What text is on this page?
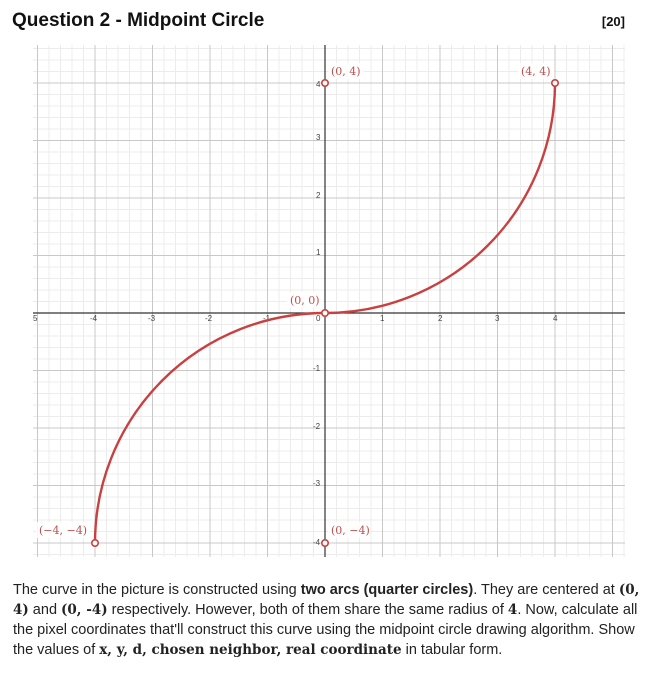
Question 2 - Midpoint Circle	[20]
5	-4	-3	-2	-1	0	1	2	3	4
4
3
2
1
-1
-2
-3
-4
(0, 4)	(4, 4)
(0, 0)
(−4, −4)	(0, −4)
The curve in the picture is constructed using two arcs (quarter circles). They are centered at (0, 4) and (0, -4) respectively. However, both of them share the same radius of 4. Now, calculate all the pixel coordinates that'll construct this curve using the midpoint circle drawing algorithm. Show the values of x, y, d, chosen neighbor, real coordinate in tabular form.
